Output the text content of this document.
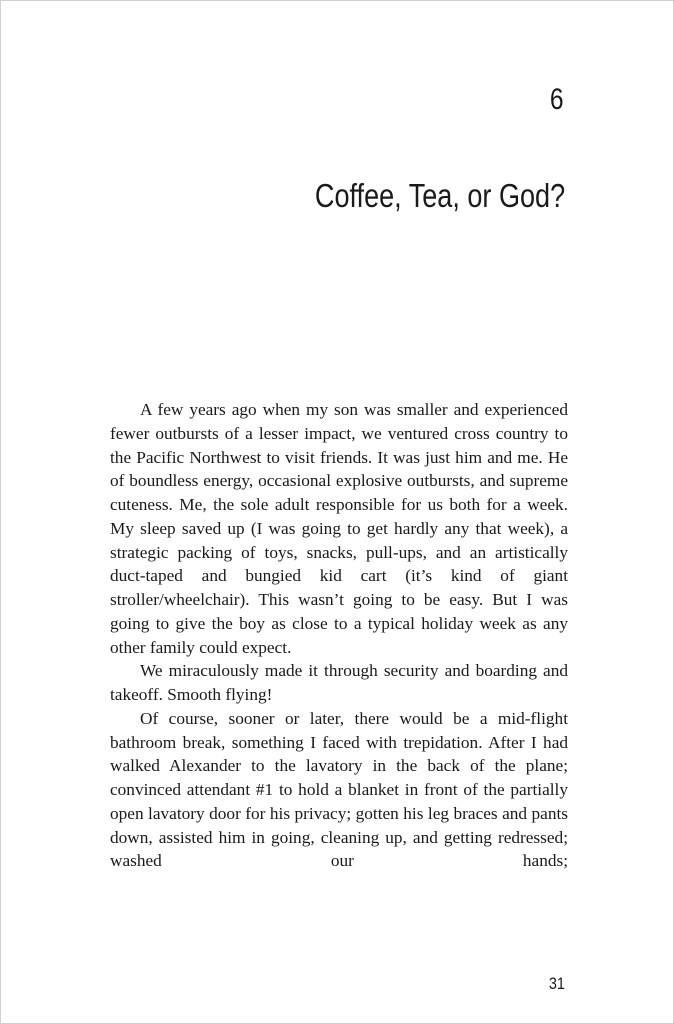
6
Coffee, Tea, or God?

A few years ago when my son was smaller and experienced fewer outbursts of a lesser impact, we ventured cross country to the Pacific Northwest to visit friends. It was just him and me. He of boundless energy, occasional explosive outbursts, and supreme cuteness. Me, the sole adult responsible for us both for a week. My sleep saved up (I was going to get hardly any that week), a strategic packing of toys, snacks, pull-ups, and an artistically duct-taped and bungied kid cart (it’s kind of giant stroller/wheelchair). This wasn’t going to be easy. But I was going to give the boy as close to a typical holiday week as any other family could expect.

We miraculously made it through security and boarding and takeoff. Smooth flying!

Of course, sooner or later, there would be a mid-flight bathroom break, something I faced with trepidation. After I had walked Alexander to the lavatory in the back of the plane; convinced attendant #1 to hold a blanket in front of the partially open lavatory door for his privacy; gotten his leg braces and pants down, assisted him in going, cleaning up, and getting redressed; washed our hands;

31
